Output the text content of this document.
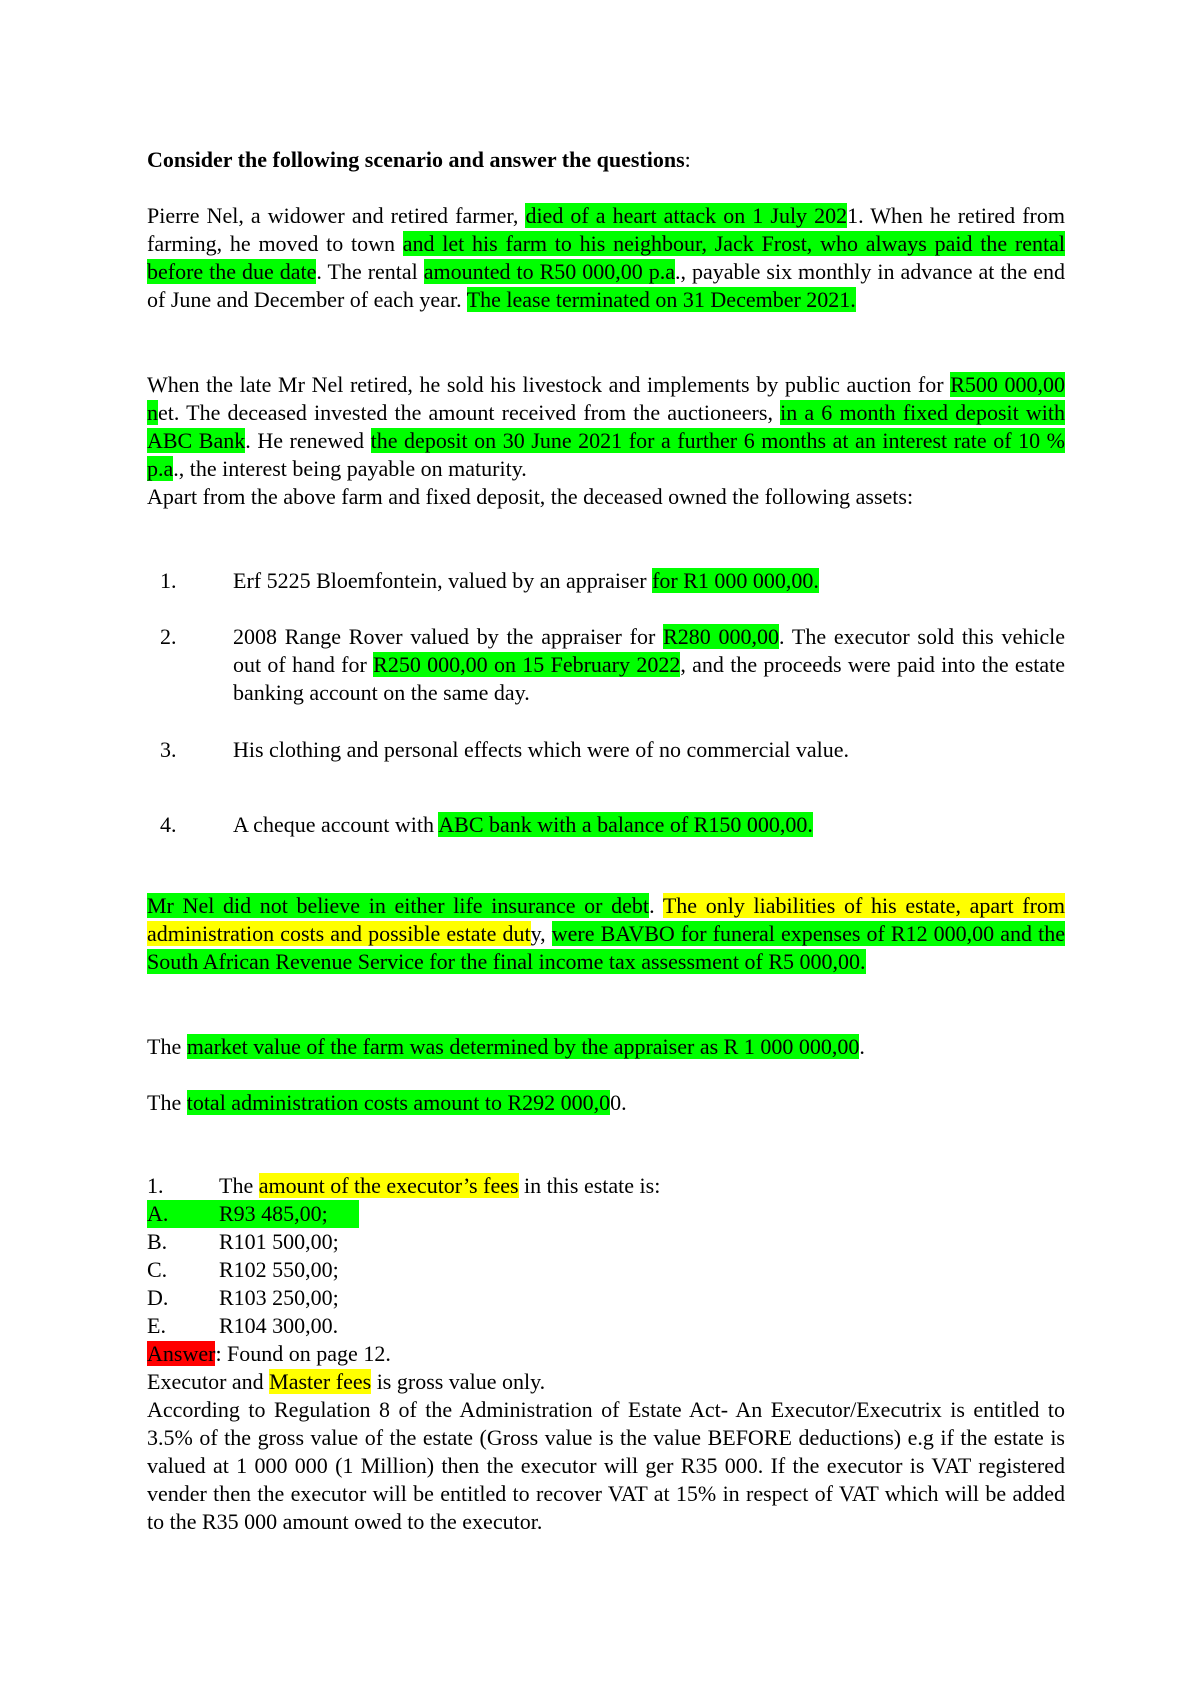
Consider the following scenario and answer the questions:

Pierre Nel, a widower and retired farmer, died of a heart attack on 1 July 2021. When he retired from farming, he moved to town and let his farm to his neighbour, Jack Frost, who always paid the rental before the due date. The rental amounted to R50 000,00 p.a., payable six monthly in advance at the end of June and December of each year. The lease terminated on 31 December 2021.

When the late Mr Nel retired, he sold his livestock and implements by public auction for R500 000,00 net. The deceased invested the amount received from the auctioneers, in a 6 month fixed deposit with ABC Bank. He renewed the deposit on 30 June 2021 for a further 6 months at an interest rate of 10 % p.a., the interest being payable on maturity.

Apart from the above farm and fixed deposit, the deceased owned the following assets:

1.	Erf 5225 Bloemfontein, valued by an appraiser for R1 000 000,00.
2.	2008 Range Rover valued by the appraiser for R280 000,00. The executor sold this vehicle out of hand for R250 000,00 on 15 February 2022, and the proceeds were paid into the estate banking account on the same day.
3.	His clothing and personal effects which were of no commercial value.
4.	A cheque account with ABC bank with a balance of R150 000,00.

Mr Nel did not believe in either life insurance or debt. The only liabilities of his estate, apart from administration costs and possible estate duty, were BAVBO for funeral expenses of R12 000,00 and the South African Revenue Service for the final income tax assessment of R5 000,00.

The market value of the farm was determined by the appraiser as R 1 000 000,00.

The total administration costs amount to R292 000,00.

1.	The amount of the executor’s fees in this estate is:
A. R93 485,00;
B. R101 500,00;
C. R102 550,00;
D. R103 250,00;
E. R104 300,00.

Answer: Found on page 12.

Executor and Master fees is gross value only.

According to Regulation 8 of the Administration of Estate Act- An Executor/Executrix is entitled to 3.5% of the gross value of the estate (Gross value is the value BEFORE deductions) e.g if the estate is valued at 1 000 000 (1 Million) then the executor will ger R35 000. If the executor is VAT registered vender then the executor will be entitled to recover VAT at 15% in respect of VAT which will be added to the R35 000 amount owed to the executor.
